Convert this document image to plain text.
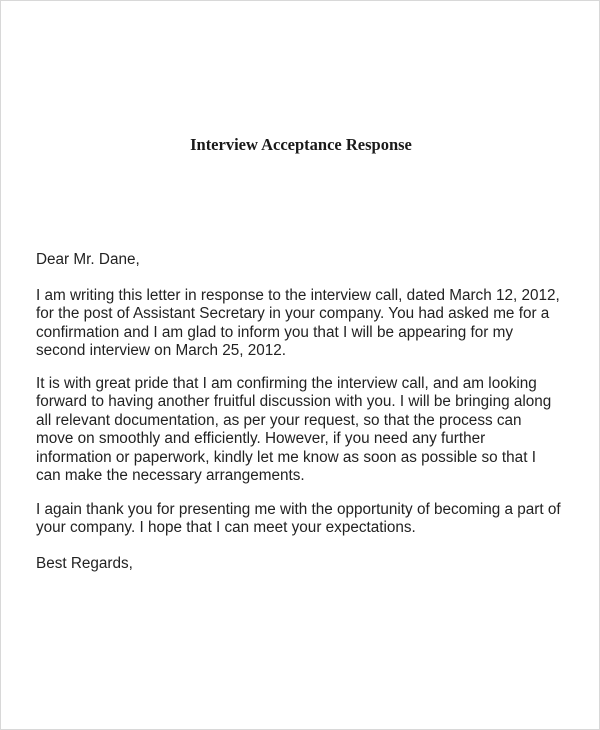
Interview Acceptance Response

Dear Mr. Dane,

I am writing this letter in response to the interview call, dated March 12, 2012,
for the post of Assistant Secretary in your company. You had asked me for a
confirmation and I am glad to inform you that I will be appearing for my
second interview on March 25, 2012.

It is with great pride that I am confirming the interview call, and am looking
forward to having another fruitful discussion with you. I will be bringing along
all relevant documentation, as per your request, so that the process can
move on smoothly and efficiently. However, if you need any further
information or paperwork, kindly let me know as soon as possible so that I
can make the necessary arrangements.

I again thank you for presenting me with the opportunity of becoming a part of
your company. I hope that I can meet your expectations.

Best Regards,
